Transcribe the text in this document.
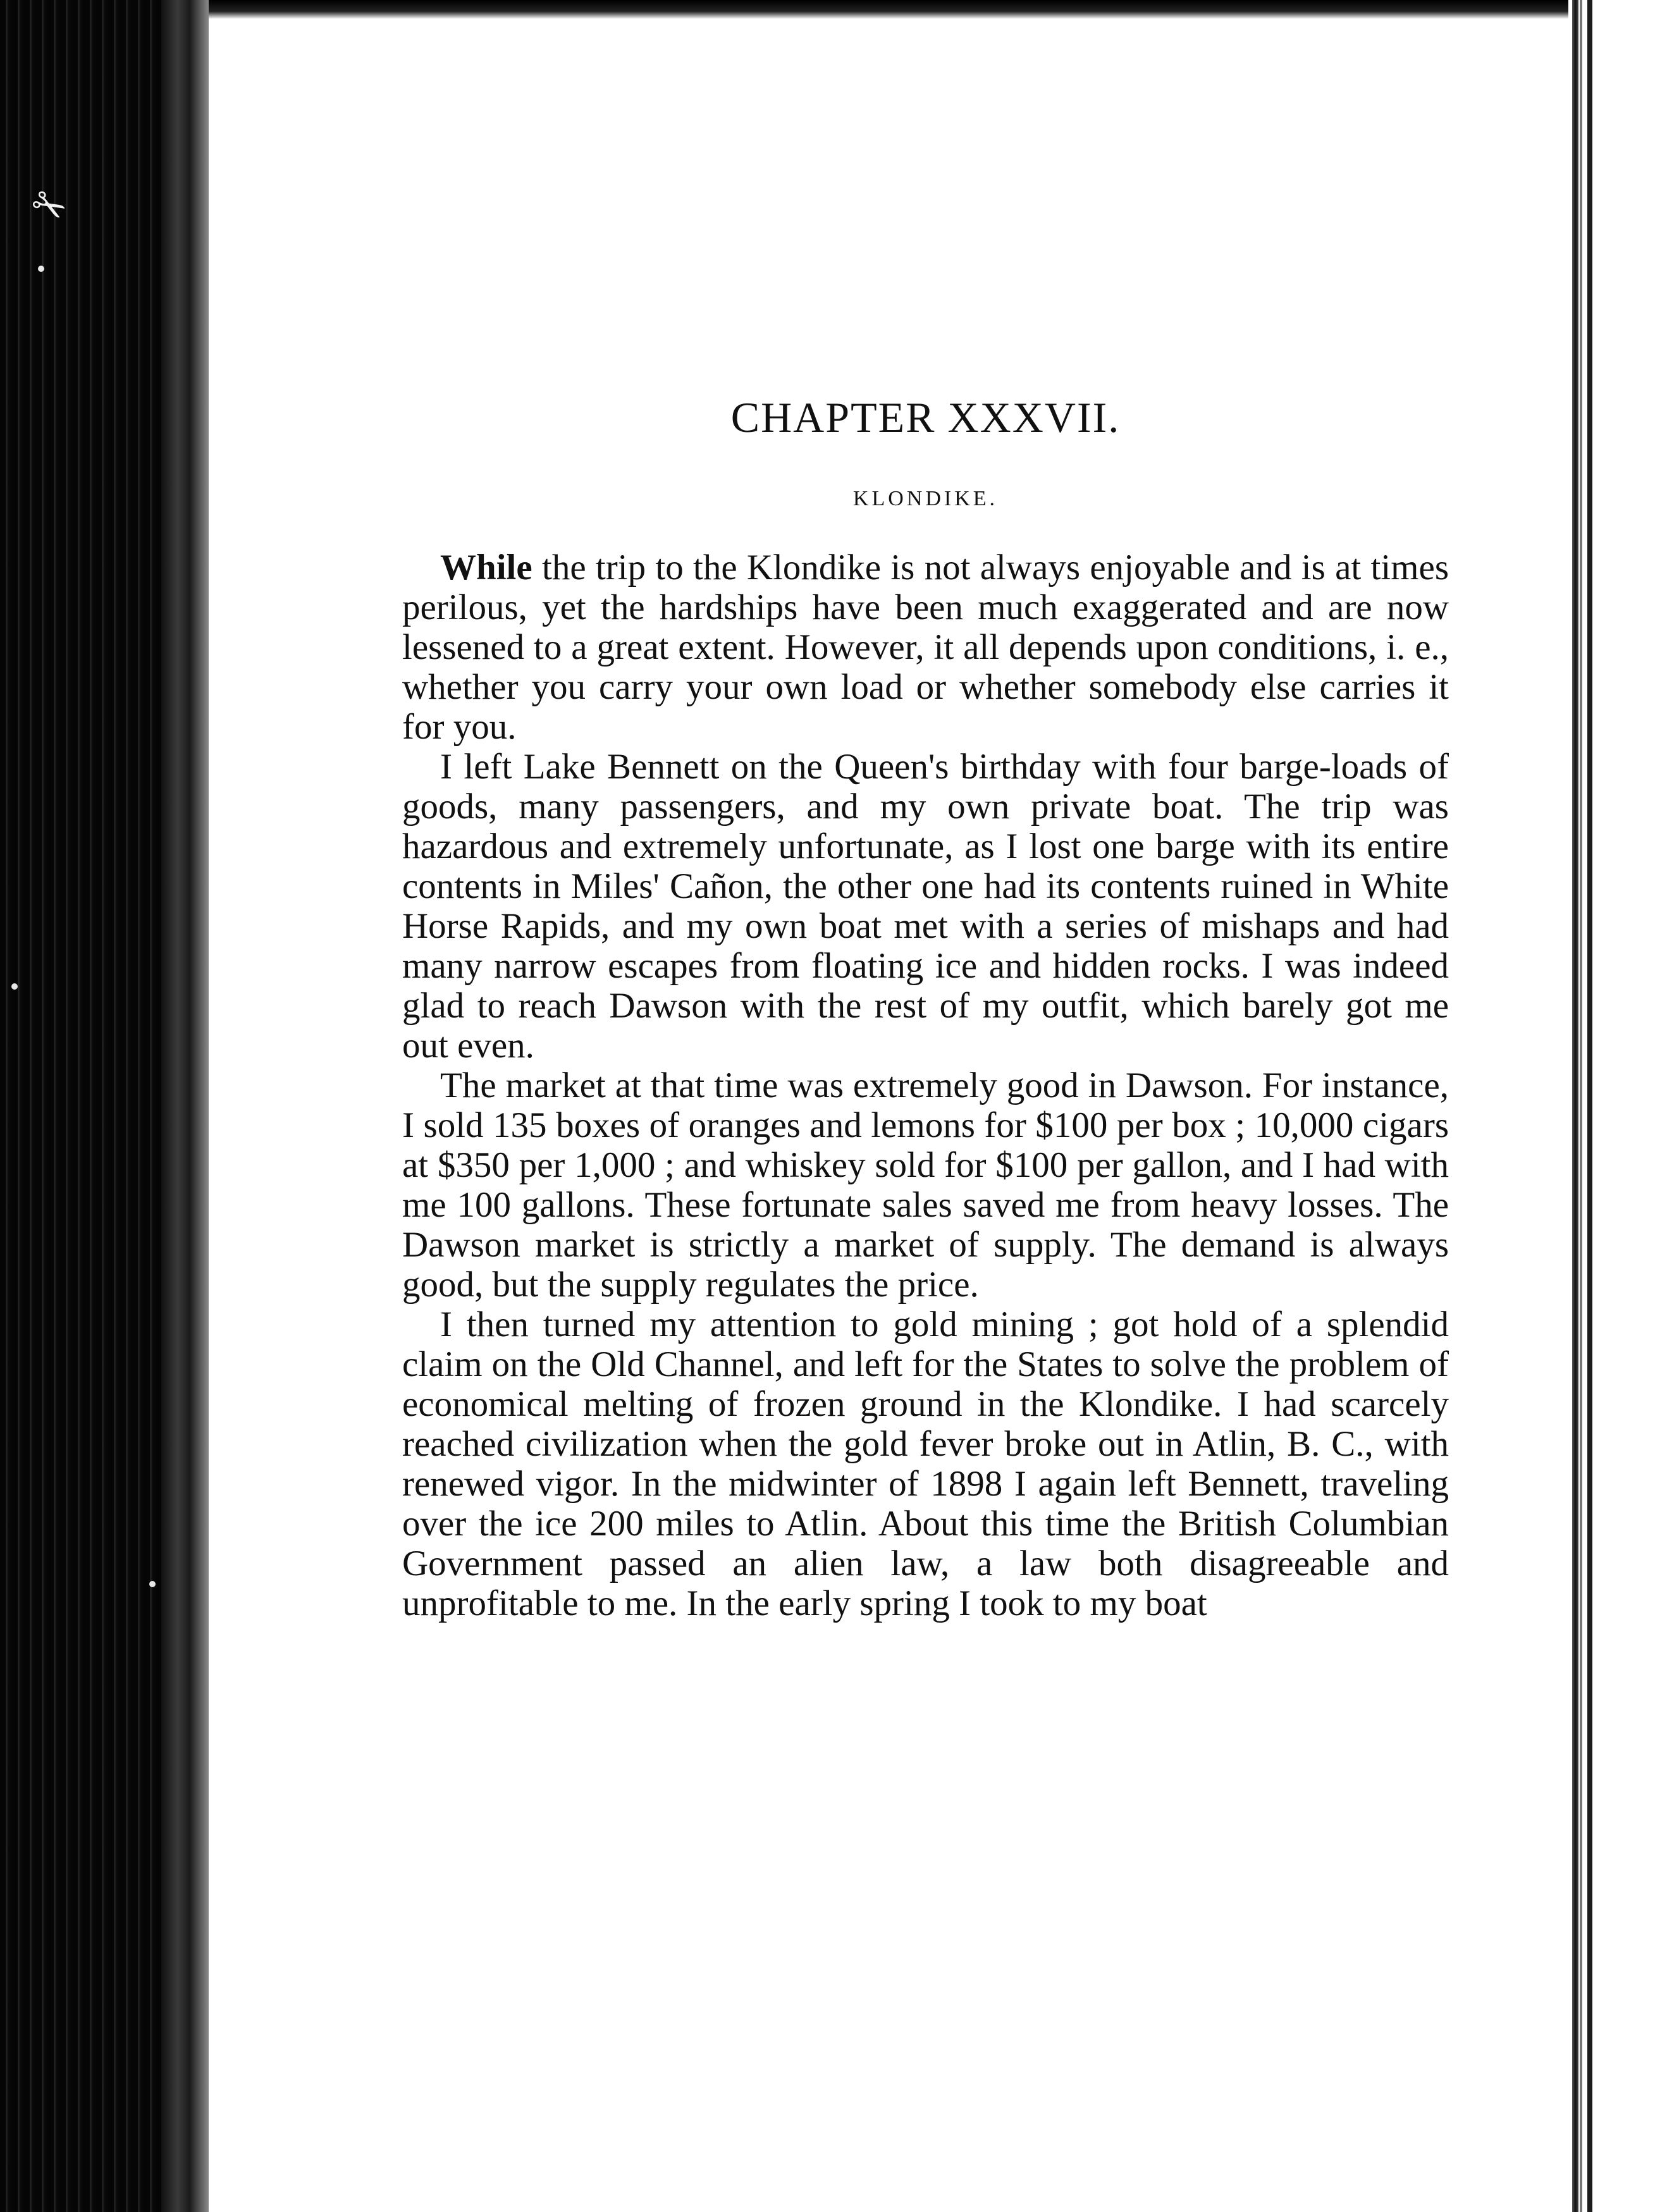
✂
CHAPTER XXXVII.
KLONDIKE.

While the trip to the Klondike is not always enjoyable and is at times perilous, yet the hardships have been much exaggerated and are now lessened to a great extent. However, it all depends upon conditions, i. e., whether you carry your own load or whether somebody else carries it for you.

I left Lake Bennett on the Queen's birthday with four barge-loads of goods, many passengers, and my own private boat. The trip was hazardous and extremely unfortunate, as I lost one barge with its entire contents in Miles' Cañon, the other one had its contents ruined in White Horse Rapids, and my own boat met with a series of mishaps and had many narrow escapes from floating ice and hidden rocks. I was indeed glad to reach Dawson with the rest of my outfit, which barely got me out even.

The market at that time was extremely good in Dawson. For instance, I sold 135 boxes of oranges and lemons for $100 per box ; 10,000 cigars at $350 per 1,000 ; and whiskey sold for $100 per gallon, and I had with me 100 gallons. These fortunate sales saved me from heavy losses. The Dawson market is strictly a market of supply. The demand is always good, but the supply regulates the price.

I then turned my attention to gold mining ; got hold of a splendid claim on the Old Channel, and left for the States to solve the problem of economical melting of frozen ground in the Klondike. I had scarcely reached civilization when the gold fever broke out in Atlin, B. C., with renewed vigor. In the midwinter of 1898 I again left Bennett, traveling over the ice 200 miles to Atlin. About this time the British Columbian Government passed an alien law, a law both disagreeable and unprofitable to me. In the early spring I took to my boat
